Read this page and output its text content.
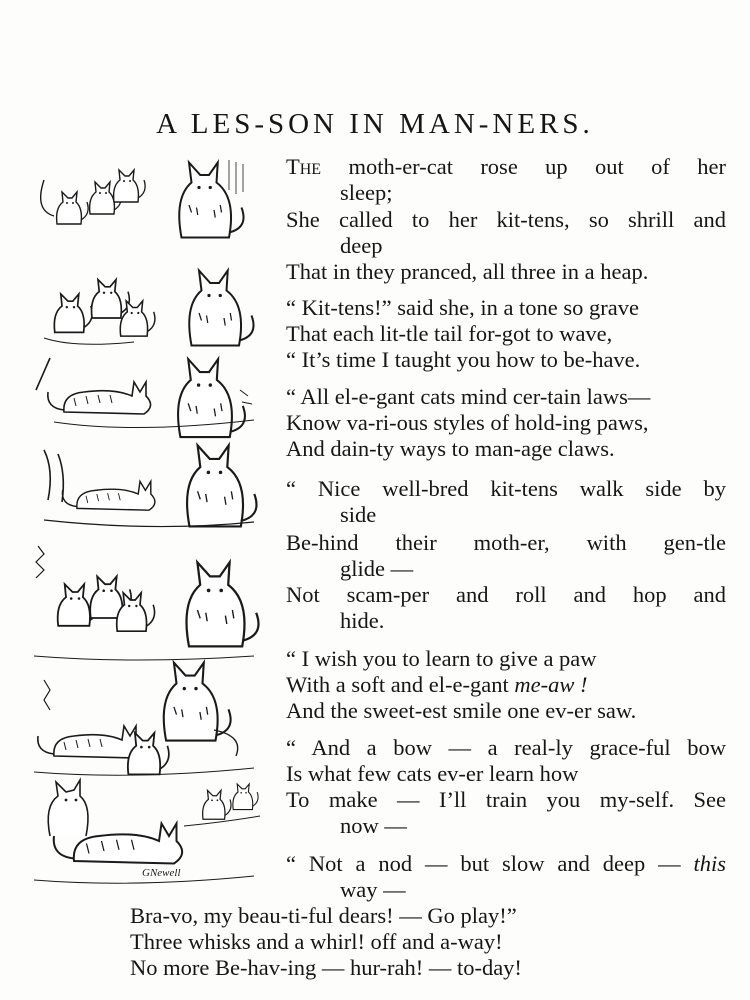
A LES-SON IN MAN-NERS.
GNewell
The moth-er-cat rose up out of her
sleep;
She called to her kit-tens, so shrill and
deep
That in they pranced, all three in a heap.
“ Kit-tens!” said she, in a tone so grave
That each lit-tle tail for-got to wave,
“ It’s time I taught you how to be-have.
“ All el-e-gant cats mind cer-tain laws—
Know va-ri-ous styles of hold-ing paws,
And dain-ty ways to man-age claws.
“ Nice well-bred kit-tens walk side by
side
Be-hind their moth-er, with gen-tle
glide —
Not scam-per and roll and hop and
hide.
“ I wish you to learn to give a paw
With a soft and el-e-gant me-aw !
And the sweet-est smile one ev-er saw.
“ And a bow — a real-ly grace-ful bow
Is what few cats ev-er learn how
To make — I’ll train you my-self. See
now —
“ Not a nod — but slow and deep — this
way —
Bra-vo, my beau-ti-ful dears! — Go play!”
Three whisks and a whirl! off and a-way!
No more Be-hav-ing — hur-rah! — to-day!
